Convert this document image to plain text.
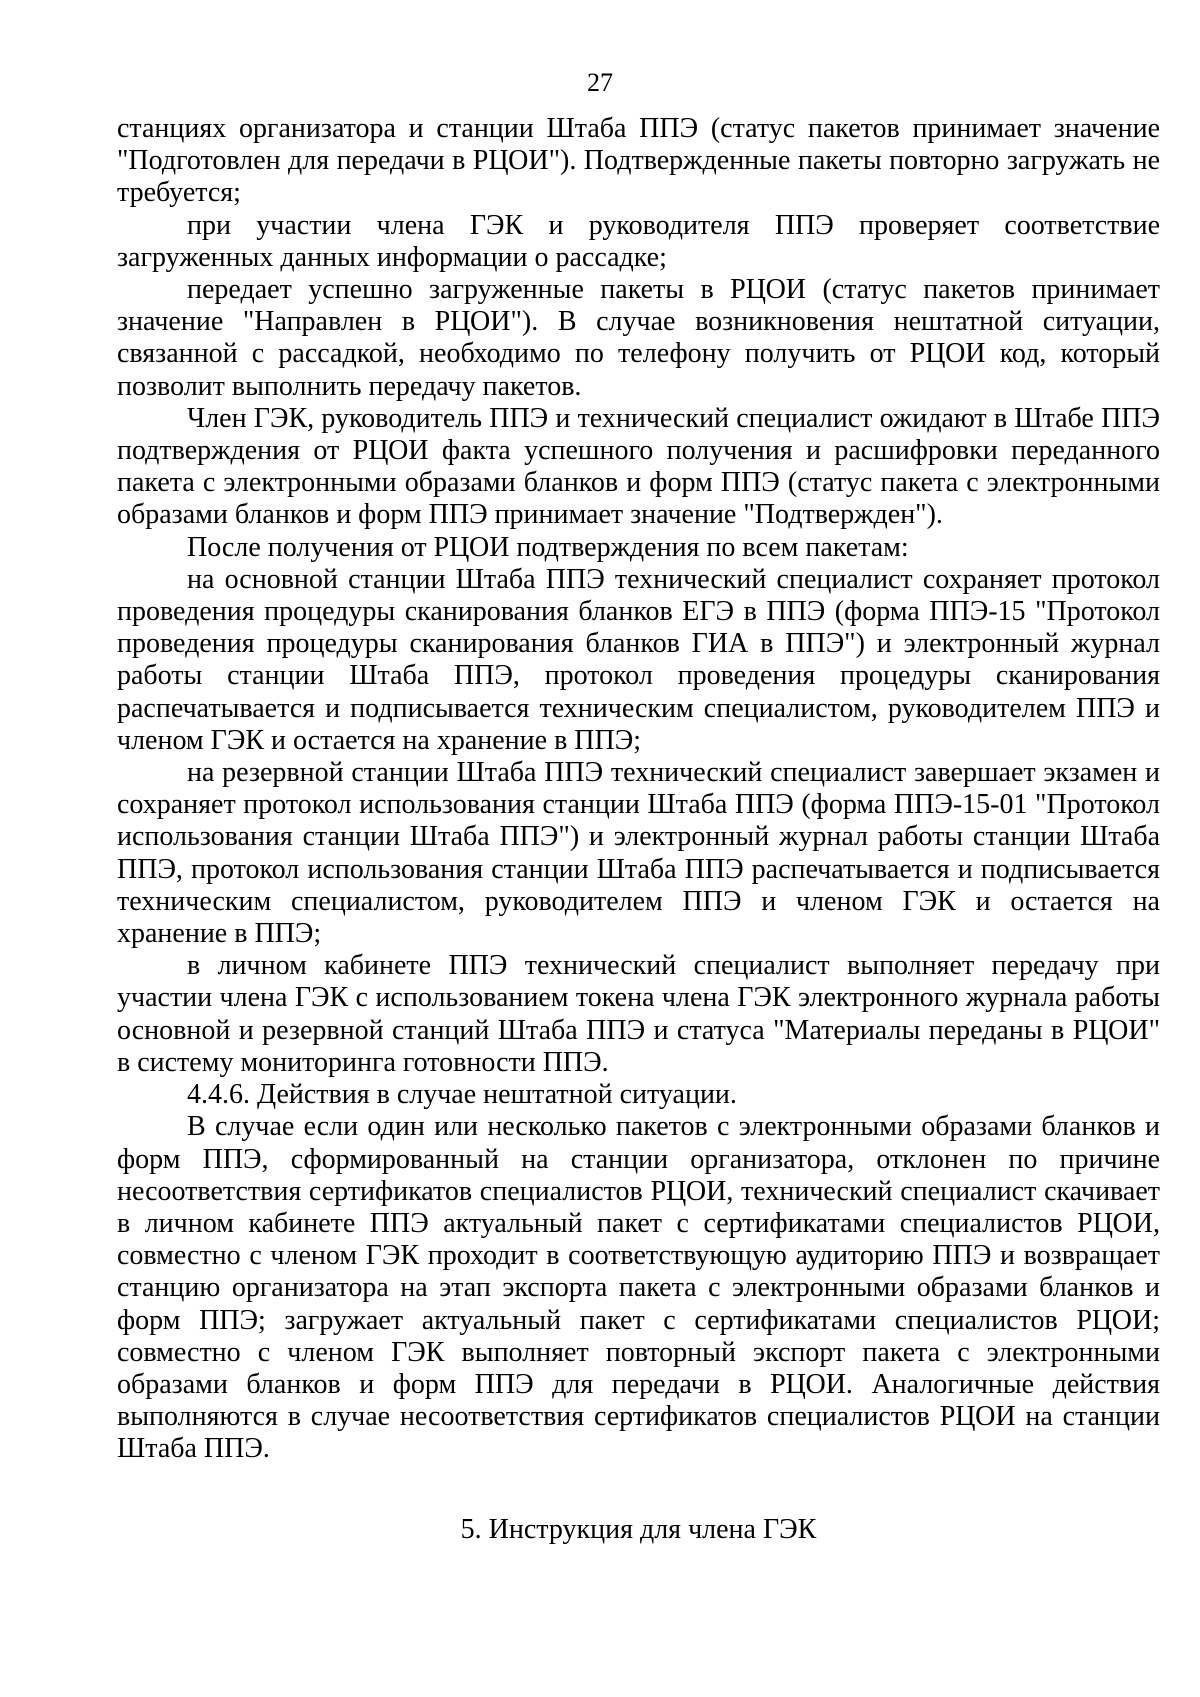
27

станциях организатора и станции Штаба ППЭ (статус пакетов принимает значение "Подготовлен для передачи в РЦОИ"). Подтвержденные пакеты повторно загружать не требуется;

при участии члена ГЭК и руководителя ППЭ проверяет соответствие загруженных данных информации о рассадке;

передает успешно загруженные пакеты в РЦОИ (статус пакетов принимает значение "Направлен в РЦОИ"). В случае возникновения нештатной ситуации, связанной с рассадкой, необходимо по телефону получить от РЦОИ код, который позволит выполнить передачу пакетов.

Член ГЭК, руководитель ППЭ и технический специалист ожидают в Штабе ППЭ подтверждения от РЦОИ факта успешного получения и расшифровки переданного пакета с электронными образами бланков и форм ППЭ (статус пакета с электронными образами бланков и форм ППЭ принимает значение "Подтвержден").

После получения от РЦОИ подтверждения по всем пакетам:

на основной станции Штаба ППЭ технический специалист сохраняет протокол проведения процедуры сканирования бланков ЕГЭ в ППЭ (форма ППЭ-15 "Протокол проведения процедуры сканирования бланков ГИА в ППЭ") и электронный журнал работы станции Штаба ППЭ, протокол проведения процедуры сканирования распечатывается и подписывается техническим специалистом, руководителем ППЭ и членом ГЭК и остается на хранение в ППЭ;

на резервной станции Штаба ППЭ технический специалист завершает экзамен и сохраняет протокол использования станции Штаба ППЭ (форма ППЭ-15-01 "Протокол использования станции Штаба ППЭ") и электронный журнал работы станции Штаба ППЭ, протокол использования станции Штаба ППЭ распечатывается и подписывается техническим специалистом, руководителем ППЭ и членом ГЭК и остается на хранение в ППЭ;

в личном кабинете ППЭ технический специалист выполняет передачу при участии члена ГЭК с использованием токена члена ГЭК электронного журнала работы основной и резервной станций Штаба ППЭ и статуса "Материалы переданы в РЦОИ" в систему мониторинга готовности ППЭ.

4.4.6. Действия в случае нештатной ситуации.

В случае если один или несколько пакетов с электронными образами бланков и форм ППЭ, сформированный на станции организатора, отклонен по причине несоответствия сертификатов специалистов РЦОИ, технический специалист скачивает в личном кабинете ППЭ актуальный пакет с сертификатами специалистов РЦОИ, совместно с членом ГЭК проходит в соответствующую аудиторию ППЭ и возвращает станцию организатора на этап экспорта пакета с электронными образами бланков и форм ППЭ; загружает актуальный пакет с сертификатами специалистов РЦОИ; совместно с членом ГЭК выполняет повторный экспорт пакета с электронными образами бланков и форм ППЭ для передачи в РЦОИ. Аналогичные действия выполняются в случае несоответствия сертификатов специалистов РЦОИ на станции Штаба ППЭ.

5. Инструкция для члена ГЭК
